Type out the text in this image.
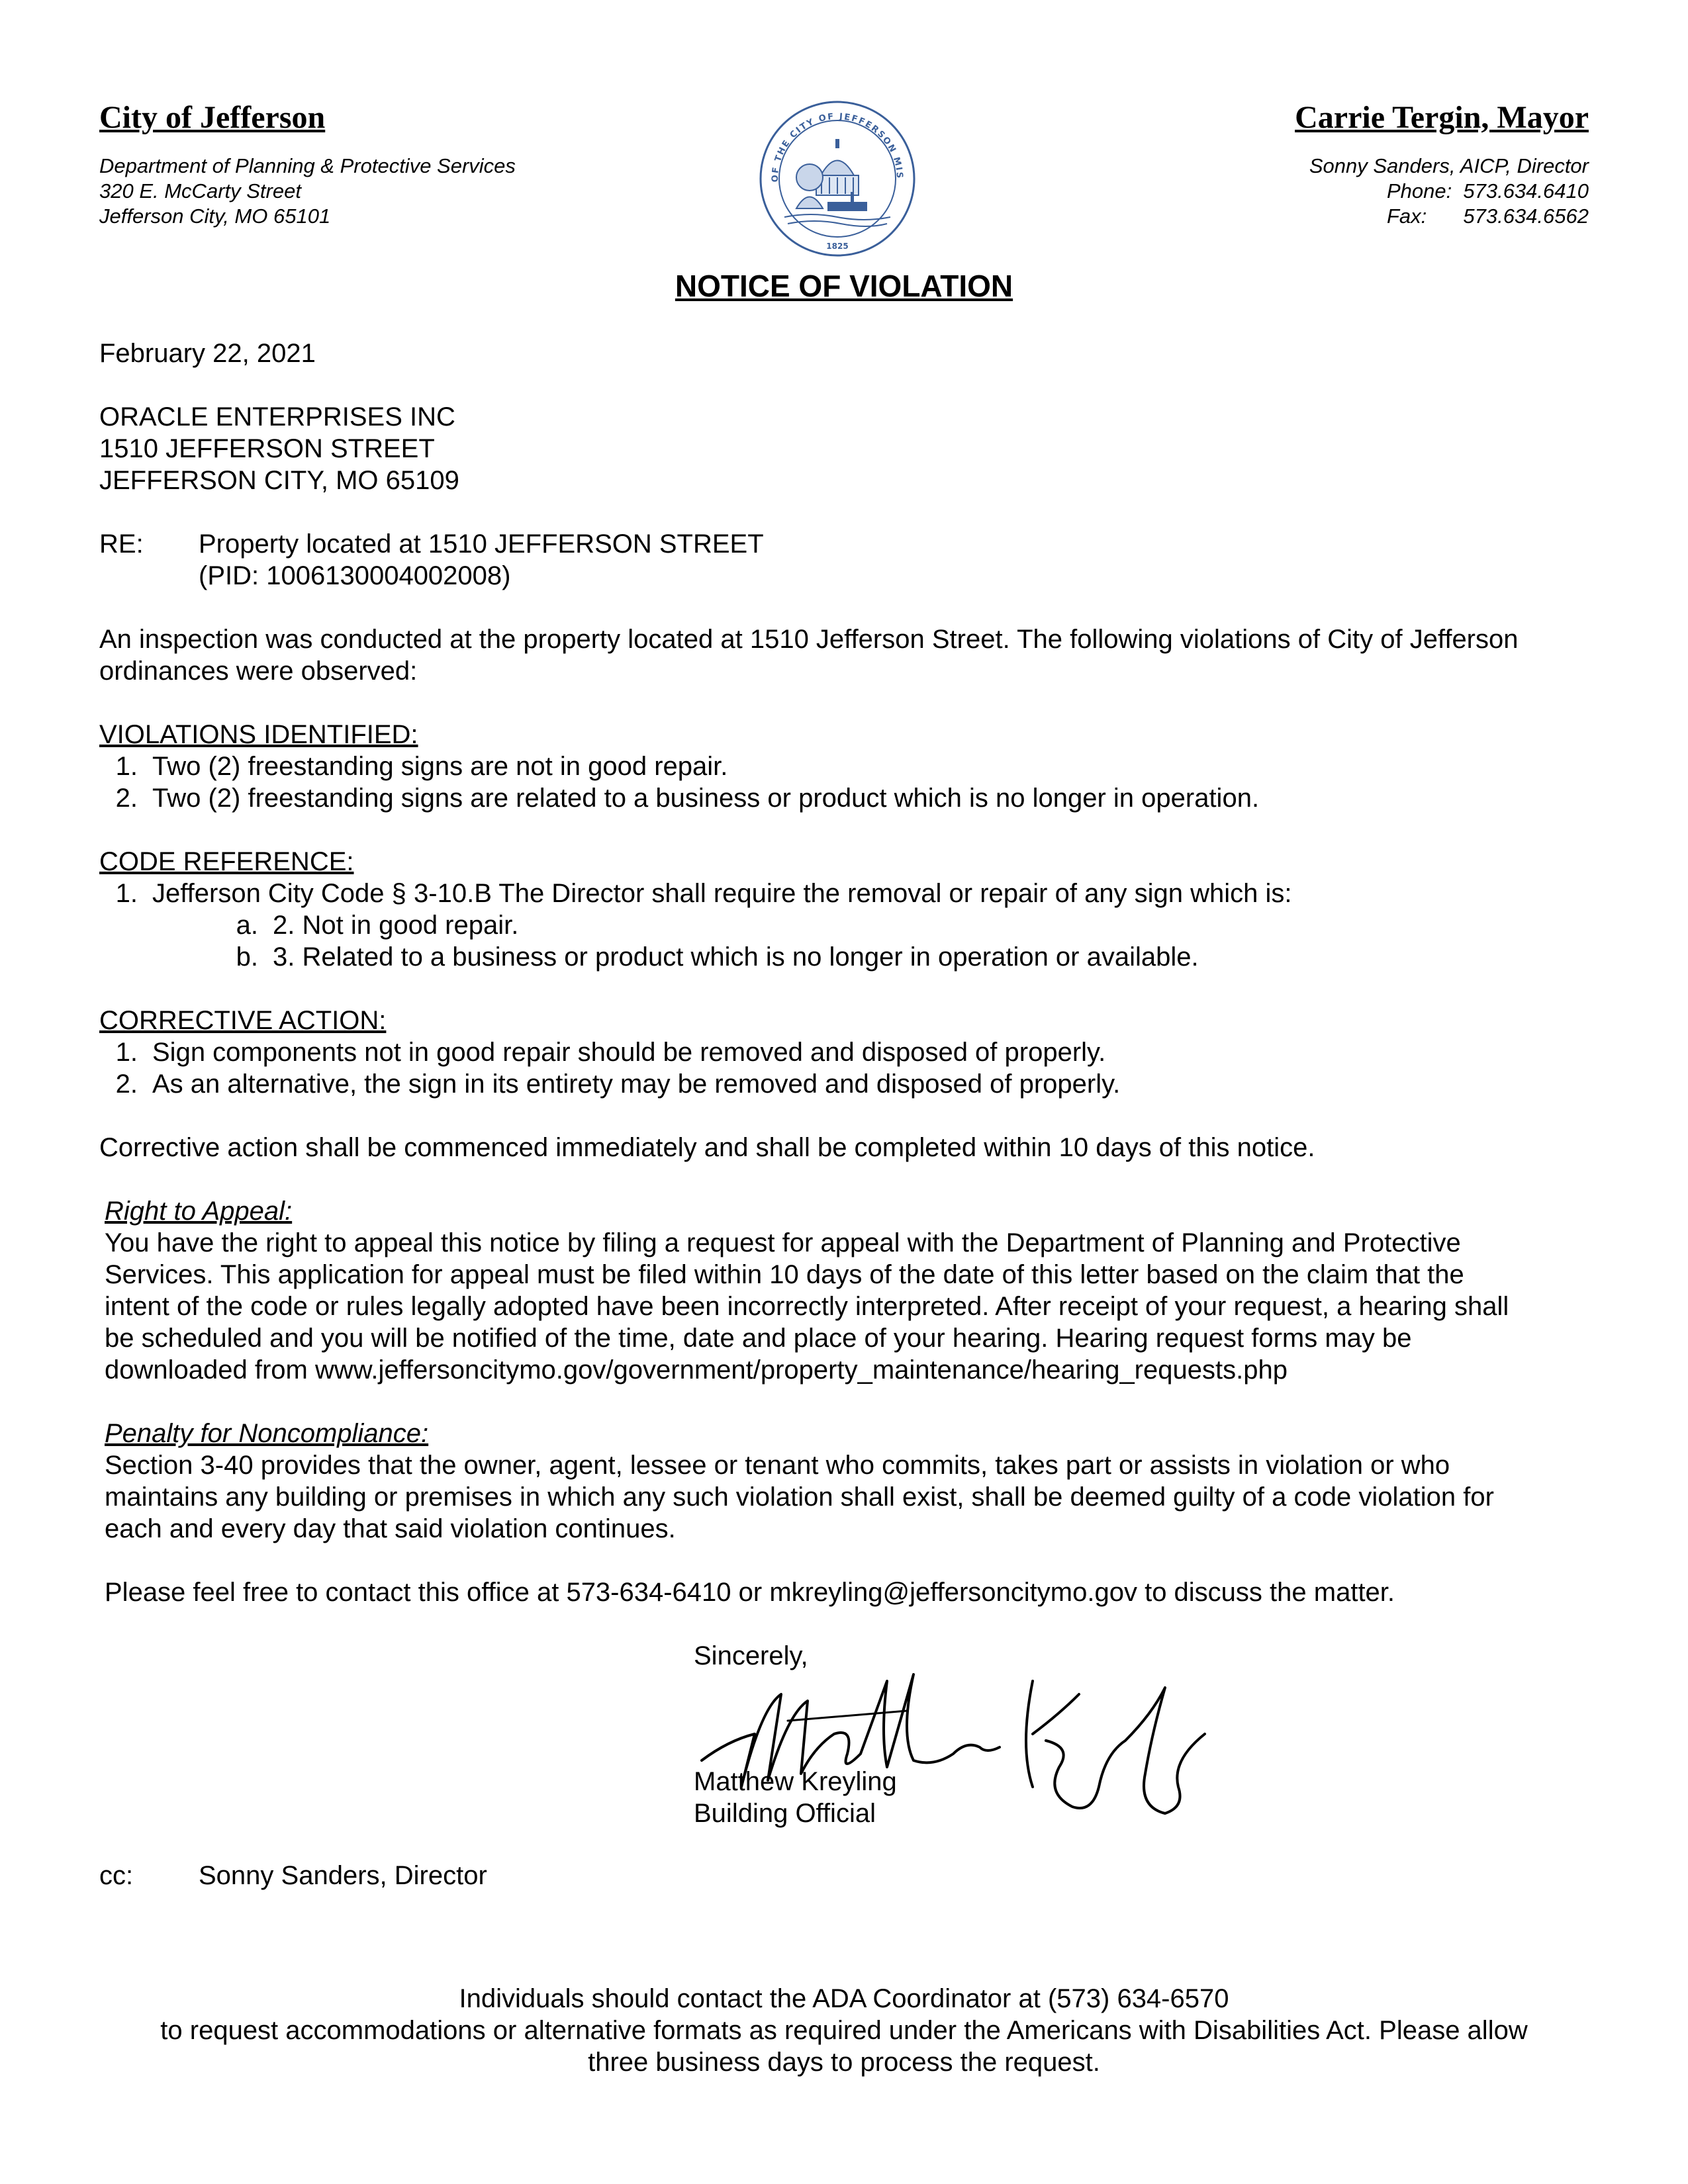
City of Jefferson
Department of Planning & Protective Services
320 E. McCarty Street
Jefferson City, MO 65101
OF THE CITY OF JEFFERSON MIS
1825
Carrie Tergin, Mayor
Sonny Sanders, AICP, Director
Phone: 573.634.6410
Fax: 573.634.6562
NOTICE OF VIOLATION
February 22, 2021
ORACLE ENTERPRISES INC
1510 JEFFERSON STREET
JEFFERSON CITY, MO 65109
RE: Property located at 1510 JEFFERSON STREET
(PID: 1006130004002008)
An inspection was conducted at the property located at 1510 Jefferson Street. The following violations of City of Jefferson ordinances were observed:
VIOLATIONS IDENTIFIED:
1. Two (2) freestanding signs are not in good repair.
2. Two (2) freestanding signs are related to a business or product which is no longer in operation.
CODE REFERENCE:
1. Jefferson City Code § 3-10.B The Director shall require the removal or repair of any sign which is:
a. 2. Not in good repair.
b. 3. Related to a business or product which is no longer in operation or available.
CORRECTIVE ACTION:
1. Sign components not in good repair should be removed and disposed of properly.
2. As an alternative, the sign in its entirety may be removed and disposed of properly.
Corrective action shall be commenced immediately and shall be completed within 10 days of this notice.
Right to Appeal:
You have the right to appeal this notice by filing a request for appeal with the Department of Planning and Protective
Services. This application for appeal must be filed within 10 days of the date of this letter based on the claim that the
intent of the code or rules legally adopted have been incorrectly interpreted. After receipt of your request, a hearing shall
be scheduled and you will be notified of the time, date and place of your hearing. Hearing request forms may be
downloaded from www.jeffersoncitymo.gov/government/property_maintenance/hearing_requests.php
Penalty for Noncompliance:
Section 3-40 provides that the owner, agent, lessee or tenant who commits, takes part or assists in violation or who
maintains any building or premises in which any such violation shall exist, shall be deemed guilty of a code violation for
each and every day that said violation continues.
Please feel free to contact this office at 573-634-6410 or mkreyling@jeffersoncitymo.gov to discuss the matter.
Sincerely,
Matthew Kreyling
Building Official
cc: Sonny Sanders, Director
Individuals should contact the ADA Coordinator at (573) 634-6570
to request accommodations or alternative formats as required under the Americans with Disabilities Act. Please allow
three business days to process the request.
